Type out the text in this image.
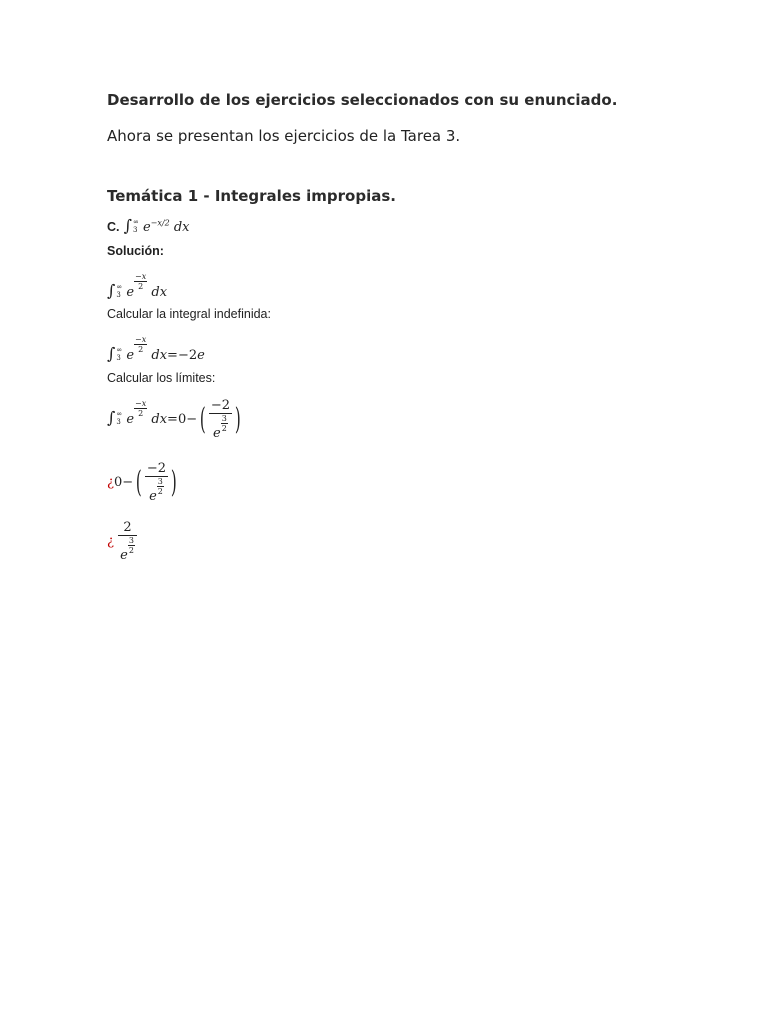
Desarrollo de los ejercicios seleccionados con su enunciado.
Ahora se presentan los ejercicios de la Tarea 3.
Temática 1 - Integrales impropias.
C. ∫ ∞
3 $e^{-x/2}$ dx
Solución:
∫ ∞
3 e
$\frac{-x}{2}$
dx
Calcular la integral indefinida:
∫ ∞
3 e
$\frac{-x}{2}$
dx=−2e
Calcular los límites:
∫ ∞
3 e
$\frac{-x}{2}$
dx=0−( −2
e
$\frac{3}{2}$ )
¿0−( −2
e
$\frac{3}{2}$ )
¿ 2
e
$\frac{3}{2}$
